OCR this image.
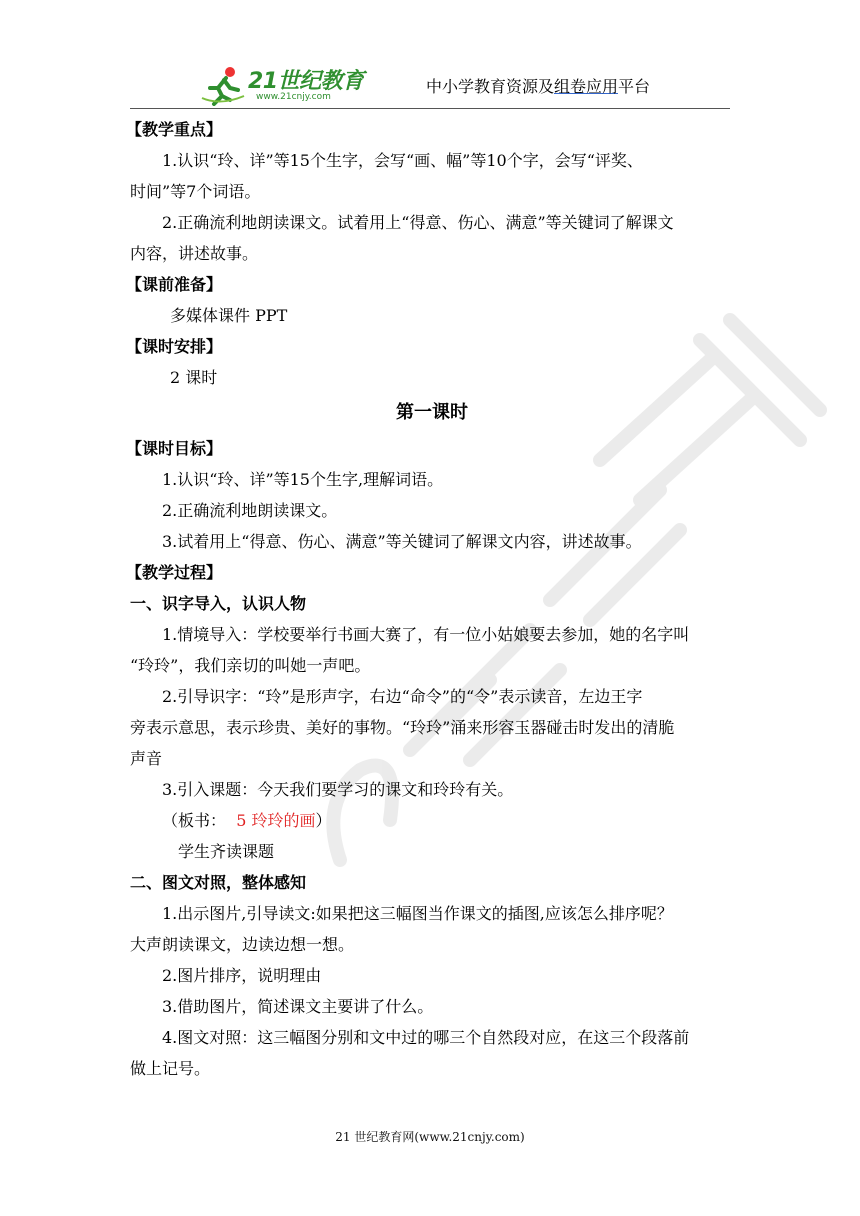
21世纪教育
www.21cnjy.com
中小学教育资源及组卷应用平台
【教学重点】
1.认识“玲、详”等15个生字，会写“画、幅”等10个字，会写“评奖、
时间”等7个词语。
2.正确流利地朗读课文。试着用上“得意、伤心、满意”等关键词了解课文
内容，讲述故事。
【课前准备】
多媒体课件 PPT
【课时安排】
2 课时
第一课时
【课时目标】
1.认识“玲、详”等15个生字,理解词语。
2.正确流利地朗读课文。
3.试着用上“得意、伤心、满意”等关键词了解课文内容，讲述故事。
【教学过程】
一、识字导入，认识人物
1.情境导入：学校要举行书画大赛了，有一位小姑娘要去参加，她的名字叫
“玲玲”，我们亲切的叫她一声吧。
2.引导识字：“玲”是形声字，右边“命令”的“令”表示读音，左边王字
旁表示意思，表示珍贵、美好的事物。“玲玲”涌来形容玉器碰击时发出的清脆
声音
3.引入课题：今天我们要学习的课文和玲玲有关。
（板书： 5 玲玲的画）
学生齐读课题
二、图文对照，整体感知
1.出示图片,引导读文:如果把这三幅图当作课文的插图,应该怎么排序呢？
大声朗读课文，边读边想一想。
2.图片排序，说明理由
3.借助图片，简述课文主要讲了什么。
4.图文对照：这三幅图分别和文中过的哪三个自然段对应，在这三个段落前
做上记号。
21 世纪教育网(www.21cnjy.com)
